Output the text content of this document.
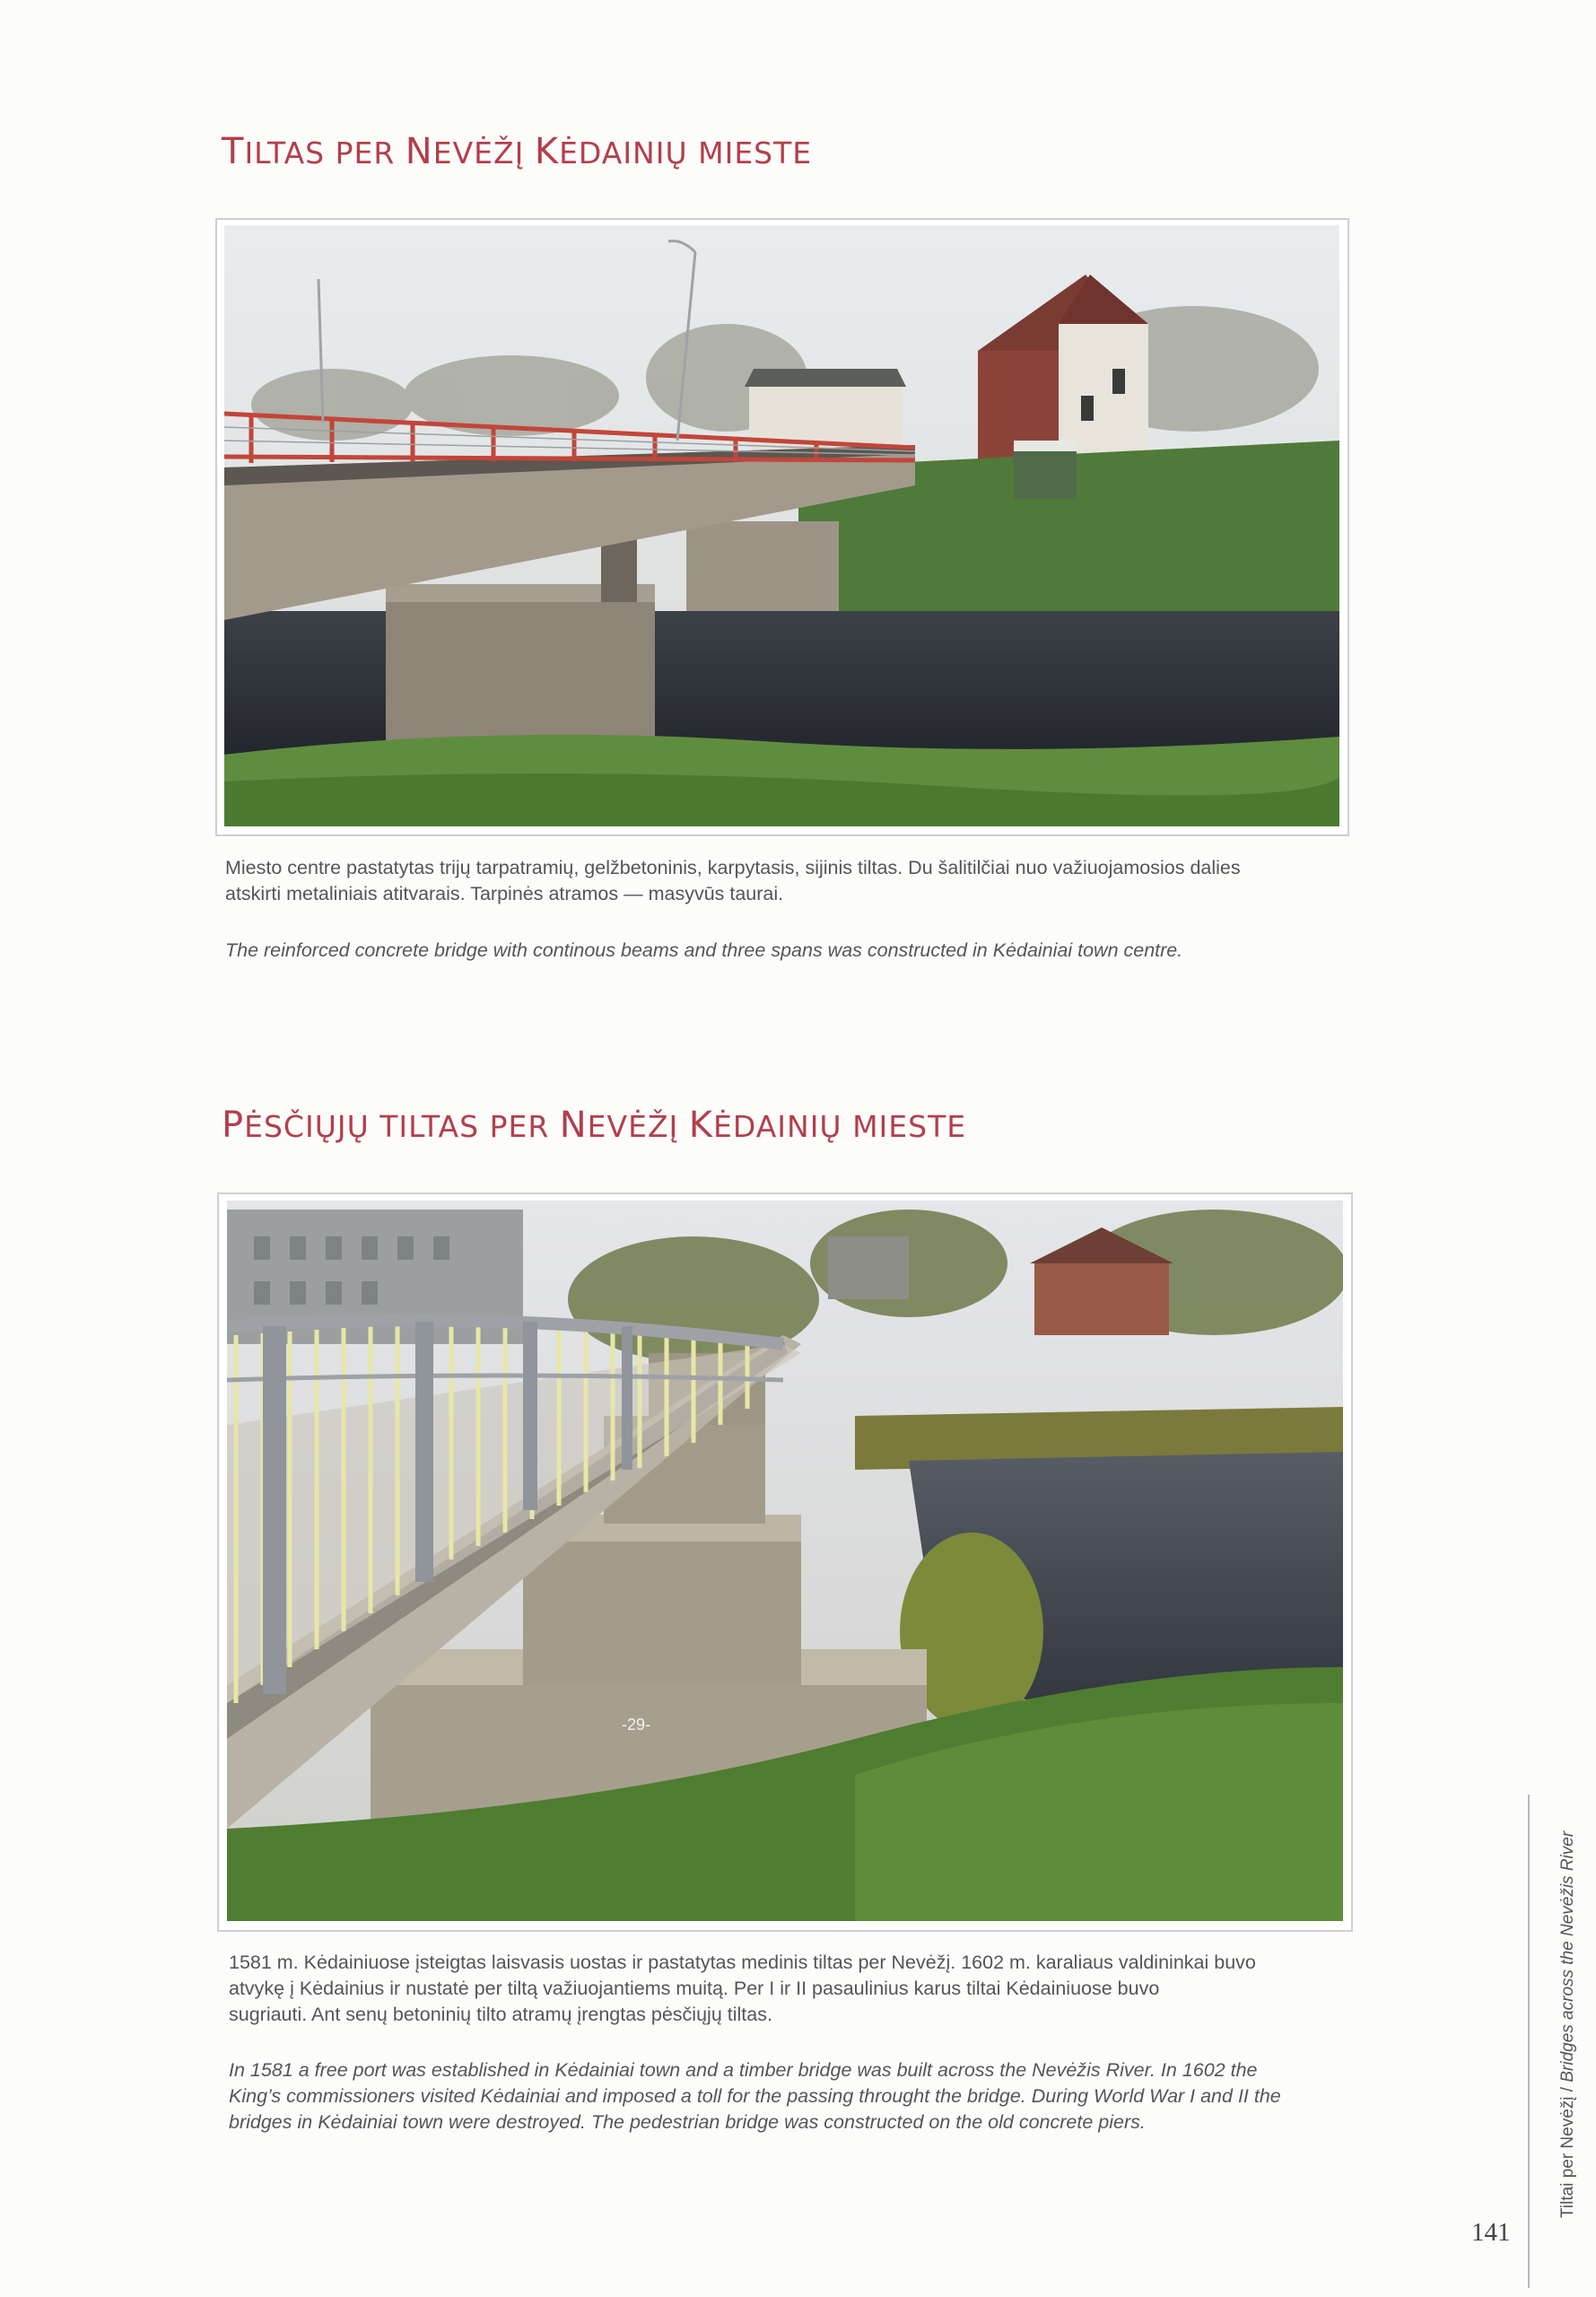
TILTAS PER NEVĖŽĮ KĖDAINIŲ MIESTE

Miesto centre pastatytas trijų tarpatramių, gelžbetoninis, karpytasis, sijinis tiltas. Du šalitilčiai nuo važiuojamosios dalies
atskirti metaliniais atitvarais. Tarpinės atramos — masyvūs taurai.

The reinforced concrete bridge with continous beams and three spans was constructed in Kėdainiai town centre.

PĖSČIŲJŲ TILTAS PER NEVĖŽĮ KĖDAINIŲ MIESTE
-29-

1581 m. Kėdainiuose įsteigtas laisvasis uostas ir pastatytas medinis tiltas per Nevėžį. 1602 m. karaliaus valdininkai buvo
atvykę į Kėdainius ir nustatė per tiltą važiuojantiems muitą. Per I ir II pasaulinius karus tiltai Kėdainiuose buvo
sugriauti. Ant senų betoninių tilto atramų įrengtas pėsčiųjų tiltas.

In 1581 a free port was established in Kėdainiai town and a timber bridge was built across the Nevėžis River. In 1602 the
King’s commissioners visited Kėdainiai and imposed a toll for the passing throught the bridge. During World War I and II the
bridges in Kėdainiai town were destroyed. The pedestrian bridge was constructed on the old concrete piers.	Tiltai per Nevėžį / Bridges across the Nevėžis River
141
